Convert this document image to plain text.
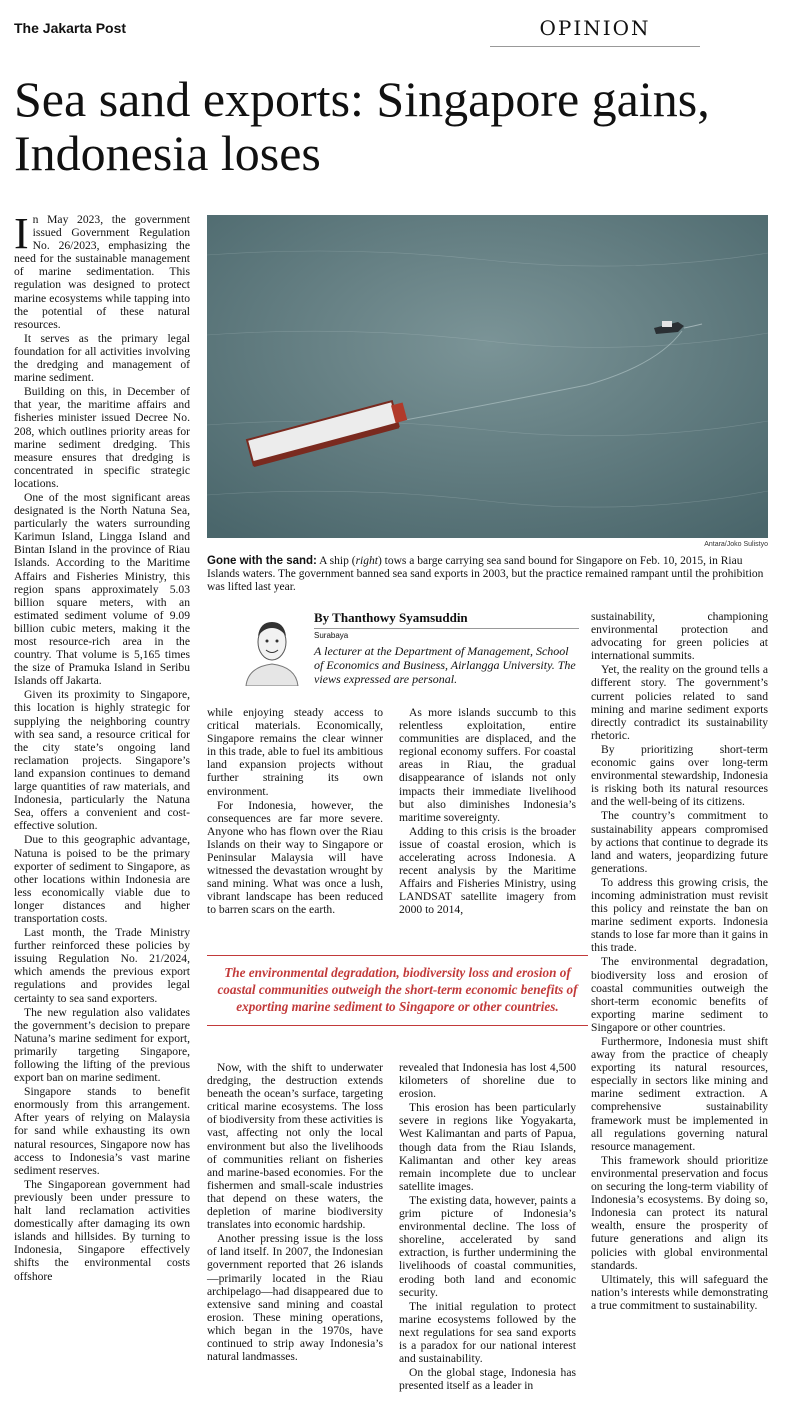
The Jakarta Post	OPINION
Sea sand exports: Singapore gains, Indonesia loses
I n May 2023, the government issued Government Regulation No. 26/2023, emphasizing the need for the sustainable management of marine sedimentation. This regulation was designed to protect marine ecosystems while tapping into the potential of these natural resources.

It serves as the primary legal foundation for all activities involving the dredging and management of marine sediment.

Building on this, in December of that year, the maritime affairs and fisheries minister issued Decree No. 208, which outlines priority areas for marine sediment dredging. This measure ensures that dredging is concentrated in specific strategic locations.

One of the most significant areas designated is the North Natuna Sea, particularly the waters surrounding Karimun Island, Lingga Island and Bintan Island in the province of Riau Islands. According to the Maritime Affairs and Fisheries Ministry, this region spans approximately 5.03 billion square meters, with an estimated sediment volume of 9.09 billion cubic meters, making it the most resource-rich area in the country. That volume is 5,165 times the size of Pramuka Island in Seribu Islands off Jakarta.

Given its proximity to Singapore, this location is highly strategic for supplying the neighboring country with sea sand, a resource critical for the city state’s ongoing land reclamation projects. Singapore’s land expansion continues to demand large quantities of raw materials, and Indonesia, particularly the Natuna Sea, offers a convenient and cost-effective solution.

Due to this geographic advantage, Natuna is poised to be the primary exporter of sediment to Singapore, as other locations within Indonesia are less economically viable due to longer distances and higher transportation costs.

Last month, the Trade Ministry further reinforced these policies by issuing Regulation No. 21/2024, which amends the previous export regulations and provides legal certainty to sea sand exporters.

The new regulation also validates the government’s decision to prepare Natuna’s marine sediment for export, primarily targeting Singapore, following the lifting of the previous export ban on marine sediment.

Singapore stands to benefit enormously from this arrangement. After years of relying on Malaysia for sand while exhausting its own natural resources, Singapore now has access to Indonesia’s vast marine sediment reserves.

The Singaporean government had previously been under pressure to halt land reclamation activities domestically after damaging its own islands and hillsides. By turning to Indonesia, Singapore effectively shifts the environmental costs offshore

Antara/Joko Sulistyo
Gone with the sand: A ship (right) tows a barge carrying sea sand bound for Singapore on Feb. 10, 2015, in Riau Islands waters. The government banned sea sand exports in 2003, but the practice remained rampant until the prohibition was lifted last year.
By Thanthowy Syamsuddin
Surabaya
A lecturer at the Department of Management, School of Economics and Business, Airlangga University. The views expressed are personal.

while enjoying steady access to critical materials. Economically, Singapore remains the clear winner in this trade, able to fuel its ambitious land expansion projects without further straining its own environment.

For Indonesia, however, the consequences are far more severe. Anyone who has flown over the Riau Islands on their way to Singapore or Peninsular Malaysia will have witnessed the devastation wrought by sand mining. What was once a lush, vibrant landscape has been reduced to barren scars on the earth.

As more islands succumb to this relentless exploitation, entire communities are displaced, and the regional economy suffers. For coastal areas in Riau, the gradual disappearance of islands not only impacts their immediate livelihood but also diminishes Indonesia’s maritime sovereignty.

Adding to this crisis is the broader issue of coastal erosion, which is accelerating across Indonesia. A recent analysis by the Maritime Affairs and Fisheries Ministry, using LANDSAT satellite imagery from 2000 to 2014,

The environmental degradation, biodiversity loss and erosion of coastal communities outweigh the short-term economic benefits of exporting marine sediment to Singapore or other countries.

Now, with the shift to underwater dredging, the destruction extends beneath the ocean’s surface, targeting critical marine ecosystems. The loss of biodiversity from these activities is vast, affecting not only the local environment but also the livelihoods of communities reliant on fisheries and marine-based economies. For the fishermen and small-scale industries that depend on these waters, the depletion of marine biodiversity translates into economic hardship.

Another pressing issue is the loss of land itself. In 2007, the Indonesian government reported that 26 islands—primarily located in the Riau archipelago—had disappeared due to extensive sand mining and coastal erosion. These mining operations, which began in the 1970s, have continued to strip away Indonesia’s natural landmasses.

revealed that Indonesia has lost 4,500 kilometers of shoreline due to erosion.

This erosion has been particularly severe in regions like Yogyakarta, West Kalimantan and parts of Papua, though data from the Riau Islands, Kalimantan and other key areas remain incomplete due to unclear satellite images.

The existing data, however, paints a grim picture of Indonesia’s environmental decline. The loss of shoreline, accelerated by sand extraction, is further undermining the livelihoods of coastal communities, eroding both land and economic security.

The initial regulation to protect marine ecosystems followed by the next regulations for sea sand exports is a paradox for our national interest and sustainability.

On the global stage, Indonesia has presented itself as a leader in

sustainability, championing environmental protection and advocating for green policies at international summits.

Yet, the reality on the ground tells a different story. The government’s current policies related to sand mining and marine sediment exports directly contradict its sustainability rhetoric.

By prioritizing short-term economic gains over long-term environmental stewardship, Indonesia is risking both its natural resources and the well-being of its citizens.

The country’s commitment to sustainability appears compromised by actions that continue to degrade its land and waters, jeopardizing future generations.

To address this growing crisis, the incoming administration must revisit this policy and reinstate the ban on marine sediment exports. Indonesia stands to lose far more than it gains in this trade.

The environmental degradation, biodiversity loss and erosion of coastal communities outweigh the short-term economic benefits of exporting marine sediment to Singapore or other countries.

Furthermore, Indonesia must shift away from the practice of cheaply exporting its natural resources, especially in sectors like mining and marine sediment extraction. A comprehensive sustainability framework must be implemented in all regulations governing natural resource management.

This framework should prioritize environmental preservation and focus on securing the long-term viability of Indonesia’s ecosystems. By doing so, Indonesia can protect its natural wealth, ensure the prosperity of future generations and align its policies with global environmental standards.

Ultimately, this will safeguard the nation’s interests while demonstrating a true commitment to sustainability.
